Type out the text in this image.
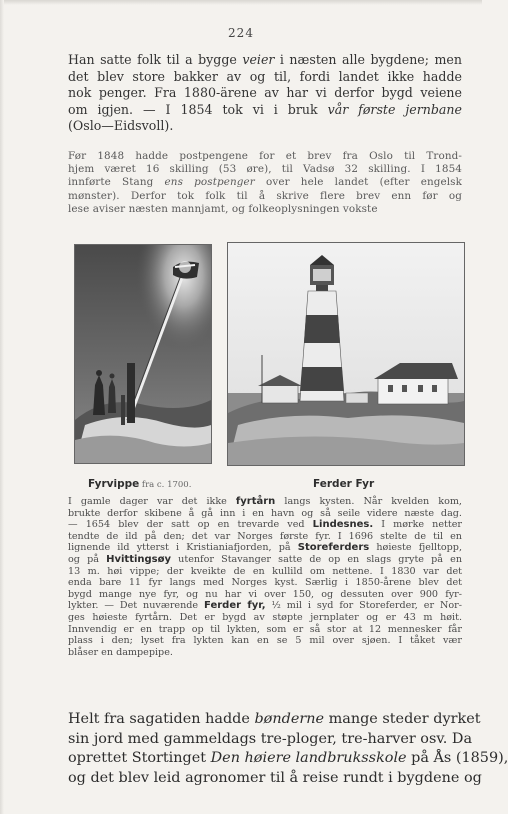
224
Han satte folk til a bygge veier i næsten alle bygdene; men
det blev store bakker av og til, fordi landet ikke hadde
nok penger. Fra 1880-ärene av har vi derfor bygd veiene
om igjen. — I 1854 tok vi i bruk vår første jernbane
(Oslo—Eidsvoll).
Før 1848 hadde postpengene for et brev fra Oslo til Trond-
hjem været 16 skilling (53 øre), til Vadsø 32 skilling. I 1854
innførte Stang ens postpenger over hele landet (efter engelsk
mønster). Derfor tok folk til å skrive flere brev enn før og
lese aviser næsten mannjamt, og folkeoplysningen vokste
Fyrvippe fra c. 1700.	Ferder Fyr
I gamle dager var det ikke fyrtårn langs kysten. Når kvelden kom,
brukte derfor skibene å gå inn i en havn og så seile videre næste dag.
— 1654 blev der satt op en trevarde ved Lindesnes. I mørke netter
tendte de ild på den; det var Norges første fyr. I 1696 stelte de til en
lignende ild ytterst i Kristianiafjorden, på Storeferders høieste fjelltopp,
og på Hvittingsøy utenfor Stavanger satte de op en slags gryte på en
13 m. høi vippe; der kveikte de en kullild om nettene. I 1830 var det
enda bare 11 fyr langs med Norges kyst. Særlig i 1850-årene blev det
bygd mange nye fyr, og nu har vi over 150, og dessuten over 900 fyr-
lykter. — Det nuværende Ferder fyr, ½ mil i syd for Storeferder, er Nor-
ges høieste fyrtårn. Det er bygd av støpte jernplater og er 43 m høit.
Innvendig er en trapp op til lykten, som er så stor at 12 mennesker får
plass i den; lyset fra lykten kan en se 5 mil over sjøen. I tåket vær
blåser en dampepipe.
Helt fra sagatiden hadde bønderne mange steder dyrket
sin jord med gammeldags tre-ploger, tre-harver osv. Da
oprettet Stortinget Den høiere landbruksskole på Ås (1859),
og det blev leid agronomer til å reise rundt i bygdene og
